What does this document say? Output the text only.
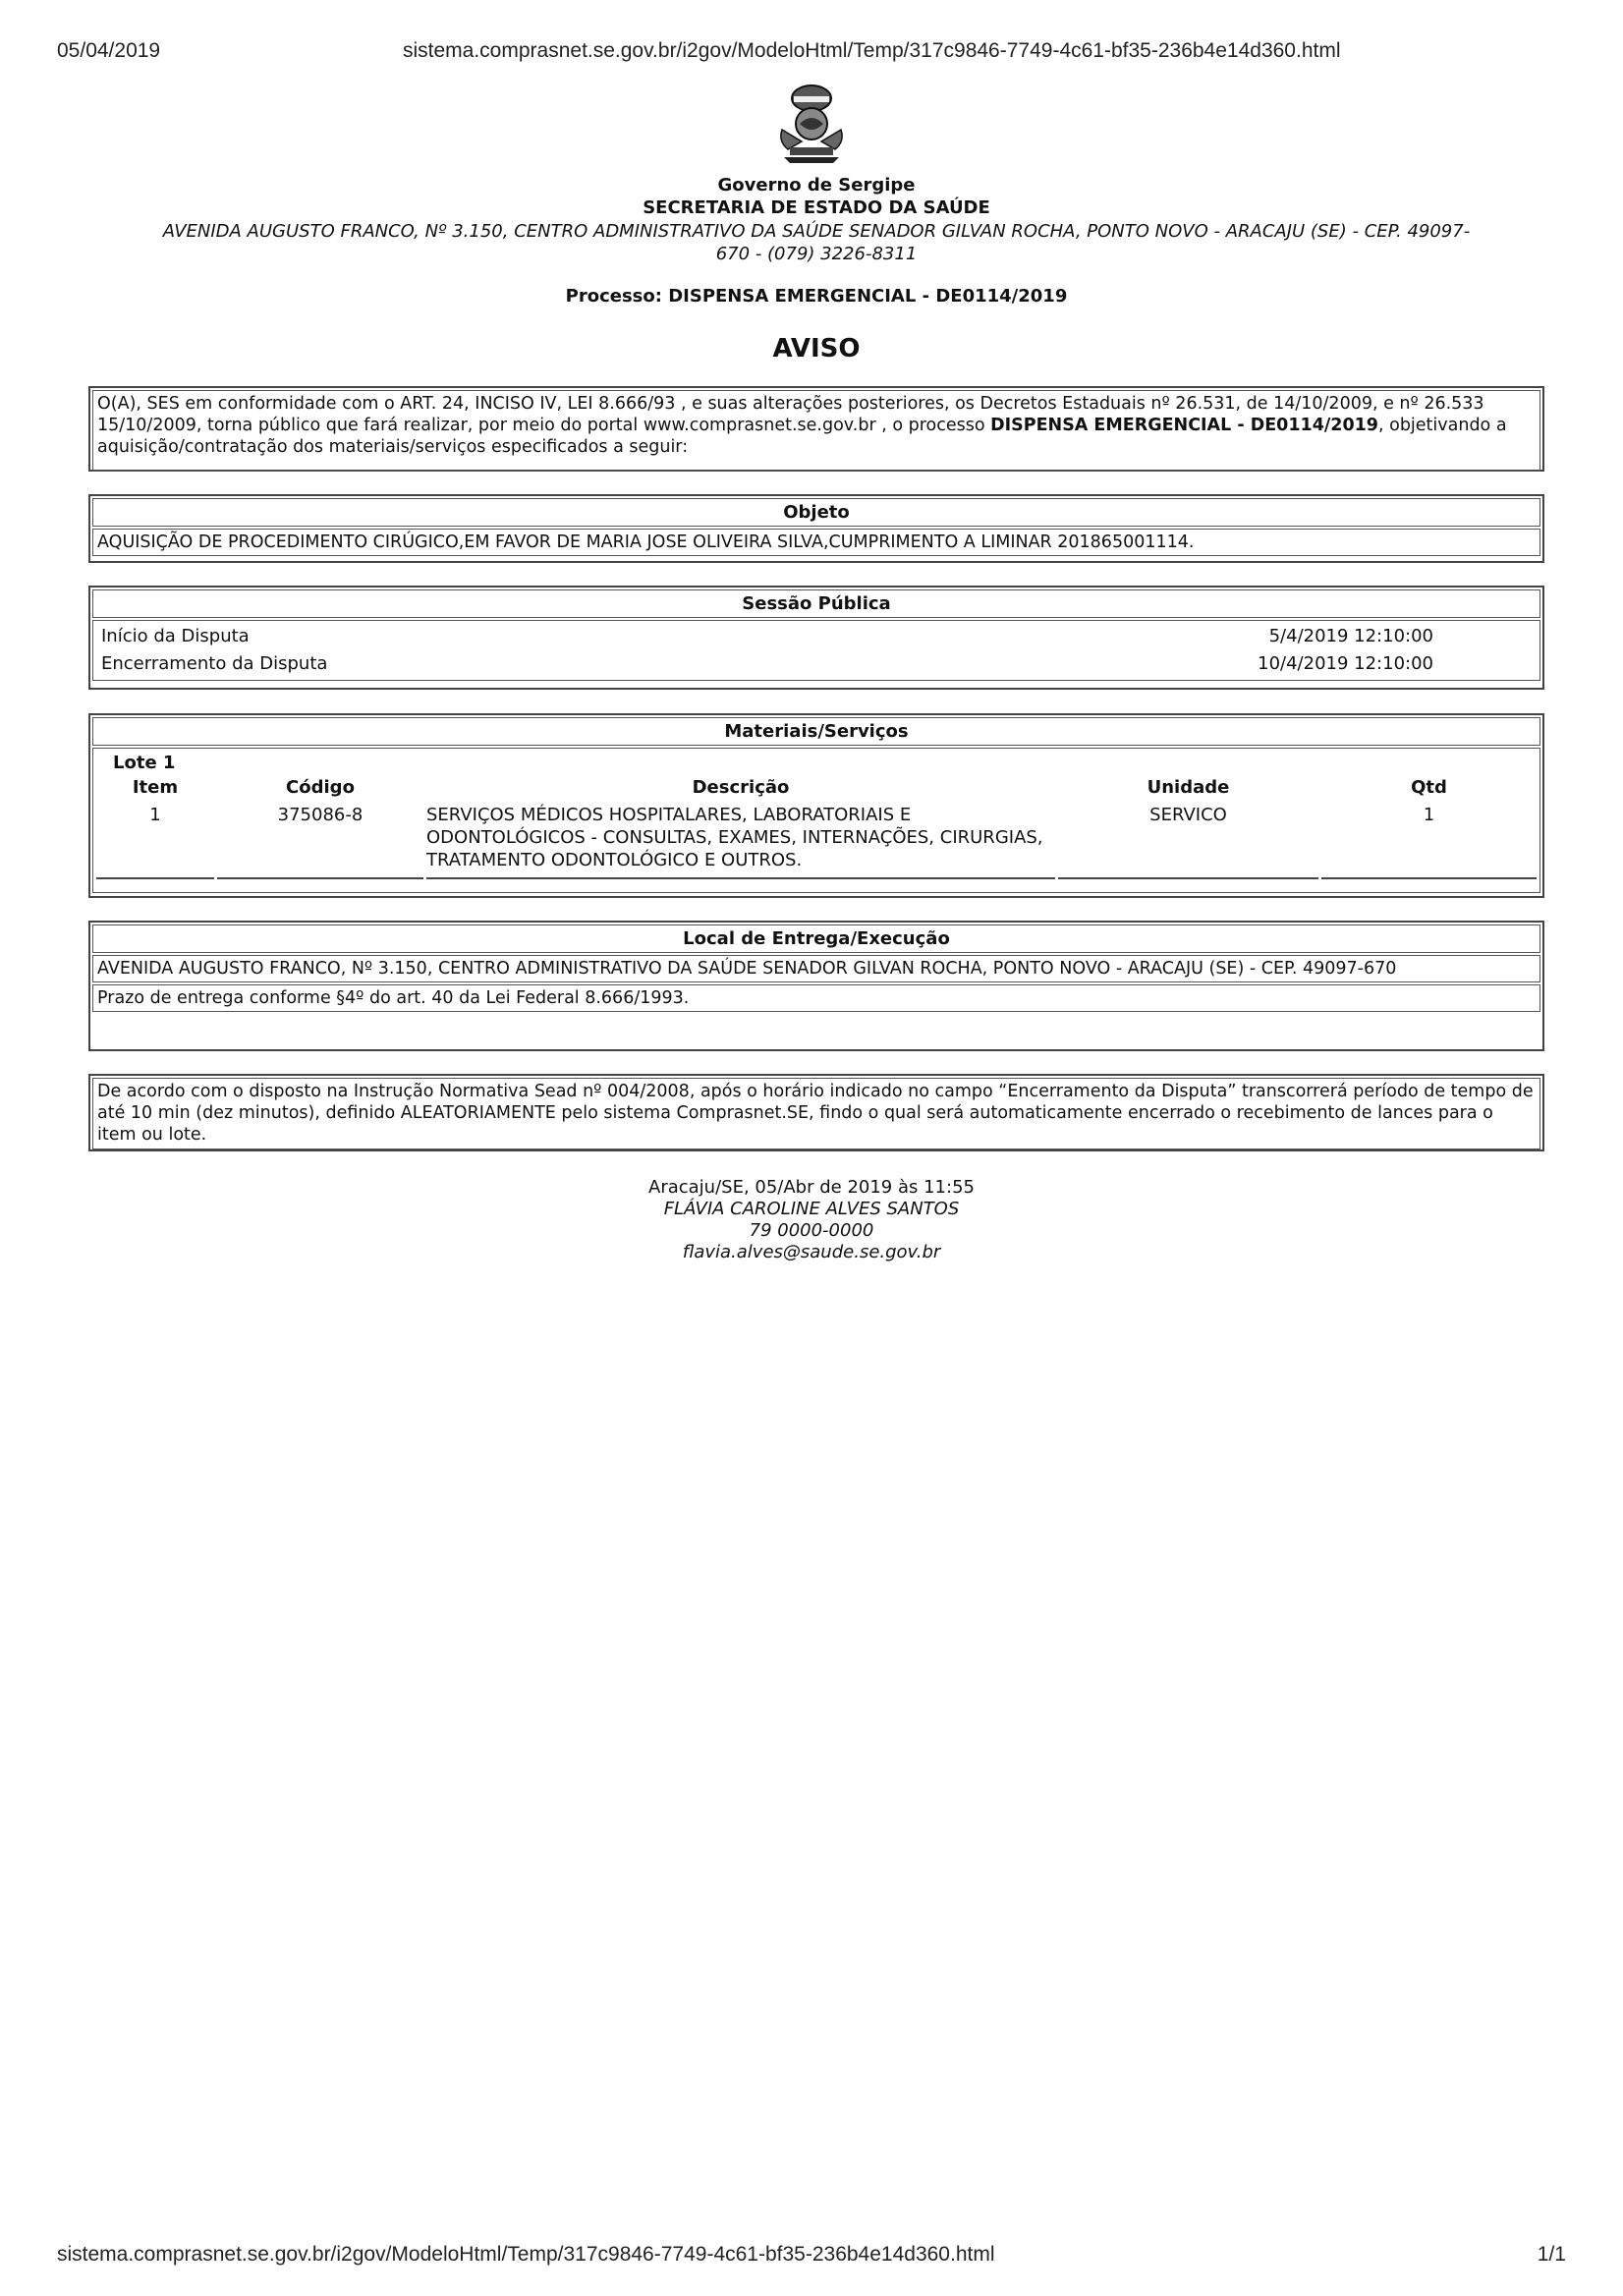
05/04/2019	sistema.comprasnet.se.gov.br/i2gov/ModeloHtml/Temp/317c9846-7749-4c61-bf35-236b4e14d360.html
Governo de Sergipe
SECRETARIA DE ESTADO DA SAÚDE
AVENIDA AUGUSTO FRANCO, Nº 3.150, CENTRO ADMINISTRATIVO DA SAÚDE SENADOR GILVAN ROCHA, PONTO NOVO - ARACAJU (SE) - CEP. 49097-670 - (079) 3226-8311
Processo: DISPENSA EMERGENCIAL - DE0114/2019
AVISO
O(A), SES em conformidade com o ART. 24, INCISO IV, LEI 8.666/93 , e suas alterações posteriores, os Decretos Estaduais nº 26.531, de 14/10/2009, e nº 26.533 15/10/2009, torna público que fará realizar, por meio do portal www.comprasnet.se.gov.br , o processo DISPENSA EMERGENCIAL - DE0114/2019, objetivando a aquisição/contratação dos materiais/serviços especificados a seguir:
Objeto
AQUISIÇÃO DE PROCEDIMENTO CIRÚGICO,EM FAVOR DE MARIA JOSE OLIVEIRA SILVA,CUMPRIMENTO A LIMINAR 201865001114.
Sessão Pública
Início da Disputa	5/4/2019 12:10:00
Encerramento da Disputa	10/4/2019 12:10:00
Materiais/Serviços
Lote 1
Item	Código	Descrição	Unidade	Qtd
1	375086-8	SERVIÇOS MÉDICOS HOSPITALARES, LABORATORIAIS E ODONTOLÓGICOS - CONSULTAS, EXAMES, INTERNAÇÕES, CIRURGIAS, TRATAMENTO ODONTOLÓGICO E OUTROS.	SERVICO	1
Local de Entrega/Execução
AVENIDA AUGUSTO FRANCO, Nº 3.150, CENTRO ADMINISTRATIVO DA SAÚDE SENADOR GILVAN ROCHA, PONTO NOVO - ARACAJU (SE) - CEP. 49097-670
Prazo de entrega conforme §4º do art. 40 da Lei Federal 8.666/1993.
De acordo com o disposto na Instrução Normativa Sead nº 004/2008, após o horário indicado no campo “Encerramento da Disputa” transcorrerá período de tempo de até 10 min (dez minutos), definido ALEATORIAMENTE pelo sistema Comprasnet.SE, findo o qual será automaticamente encerrado o recebimento de lances para o item ou lote.
Aracaju/SE, 05/Abr de 2019 às 11:55
FLÁVIA CAROLINE ALVES SANTOS
79 0000-0000
flavia.alves@saude.se.gov.br
sistema.comprasnet.se.gov.br/i2gov/ModeloHtml/Temp/317c9846-7749-4c61-bf35-236b4e14d360.html	1/1
